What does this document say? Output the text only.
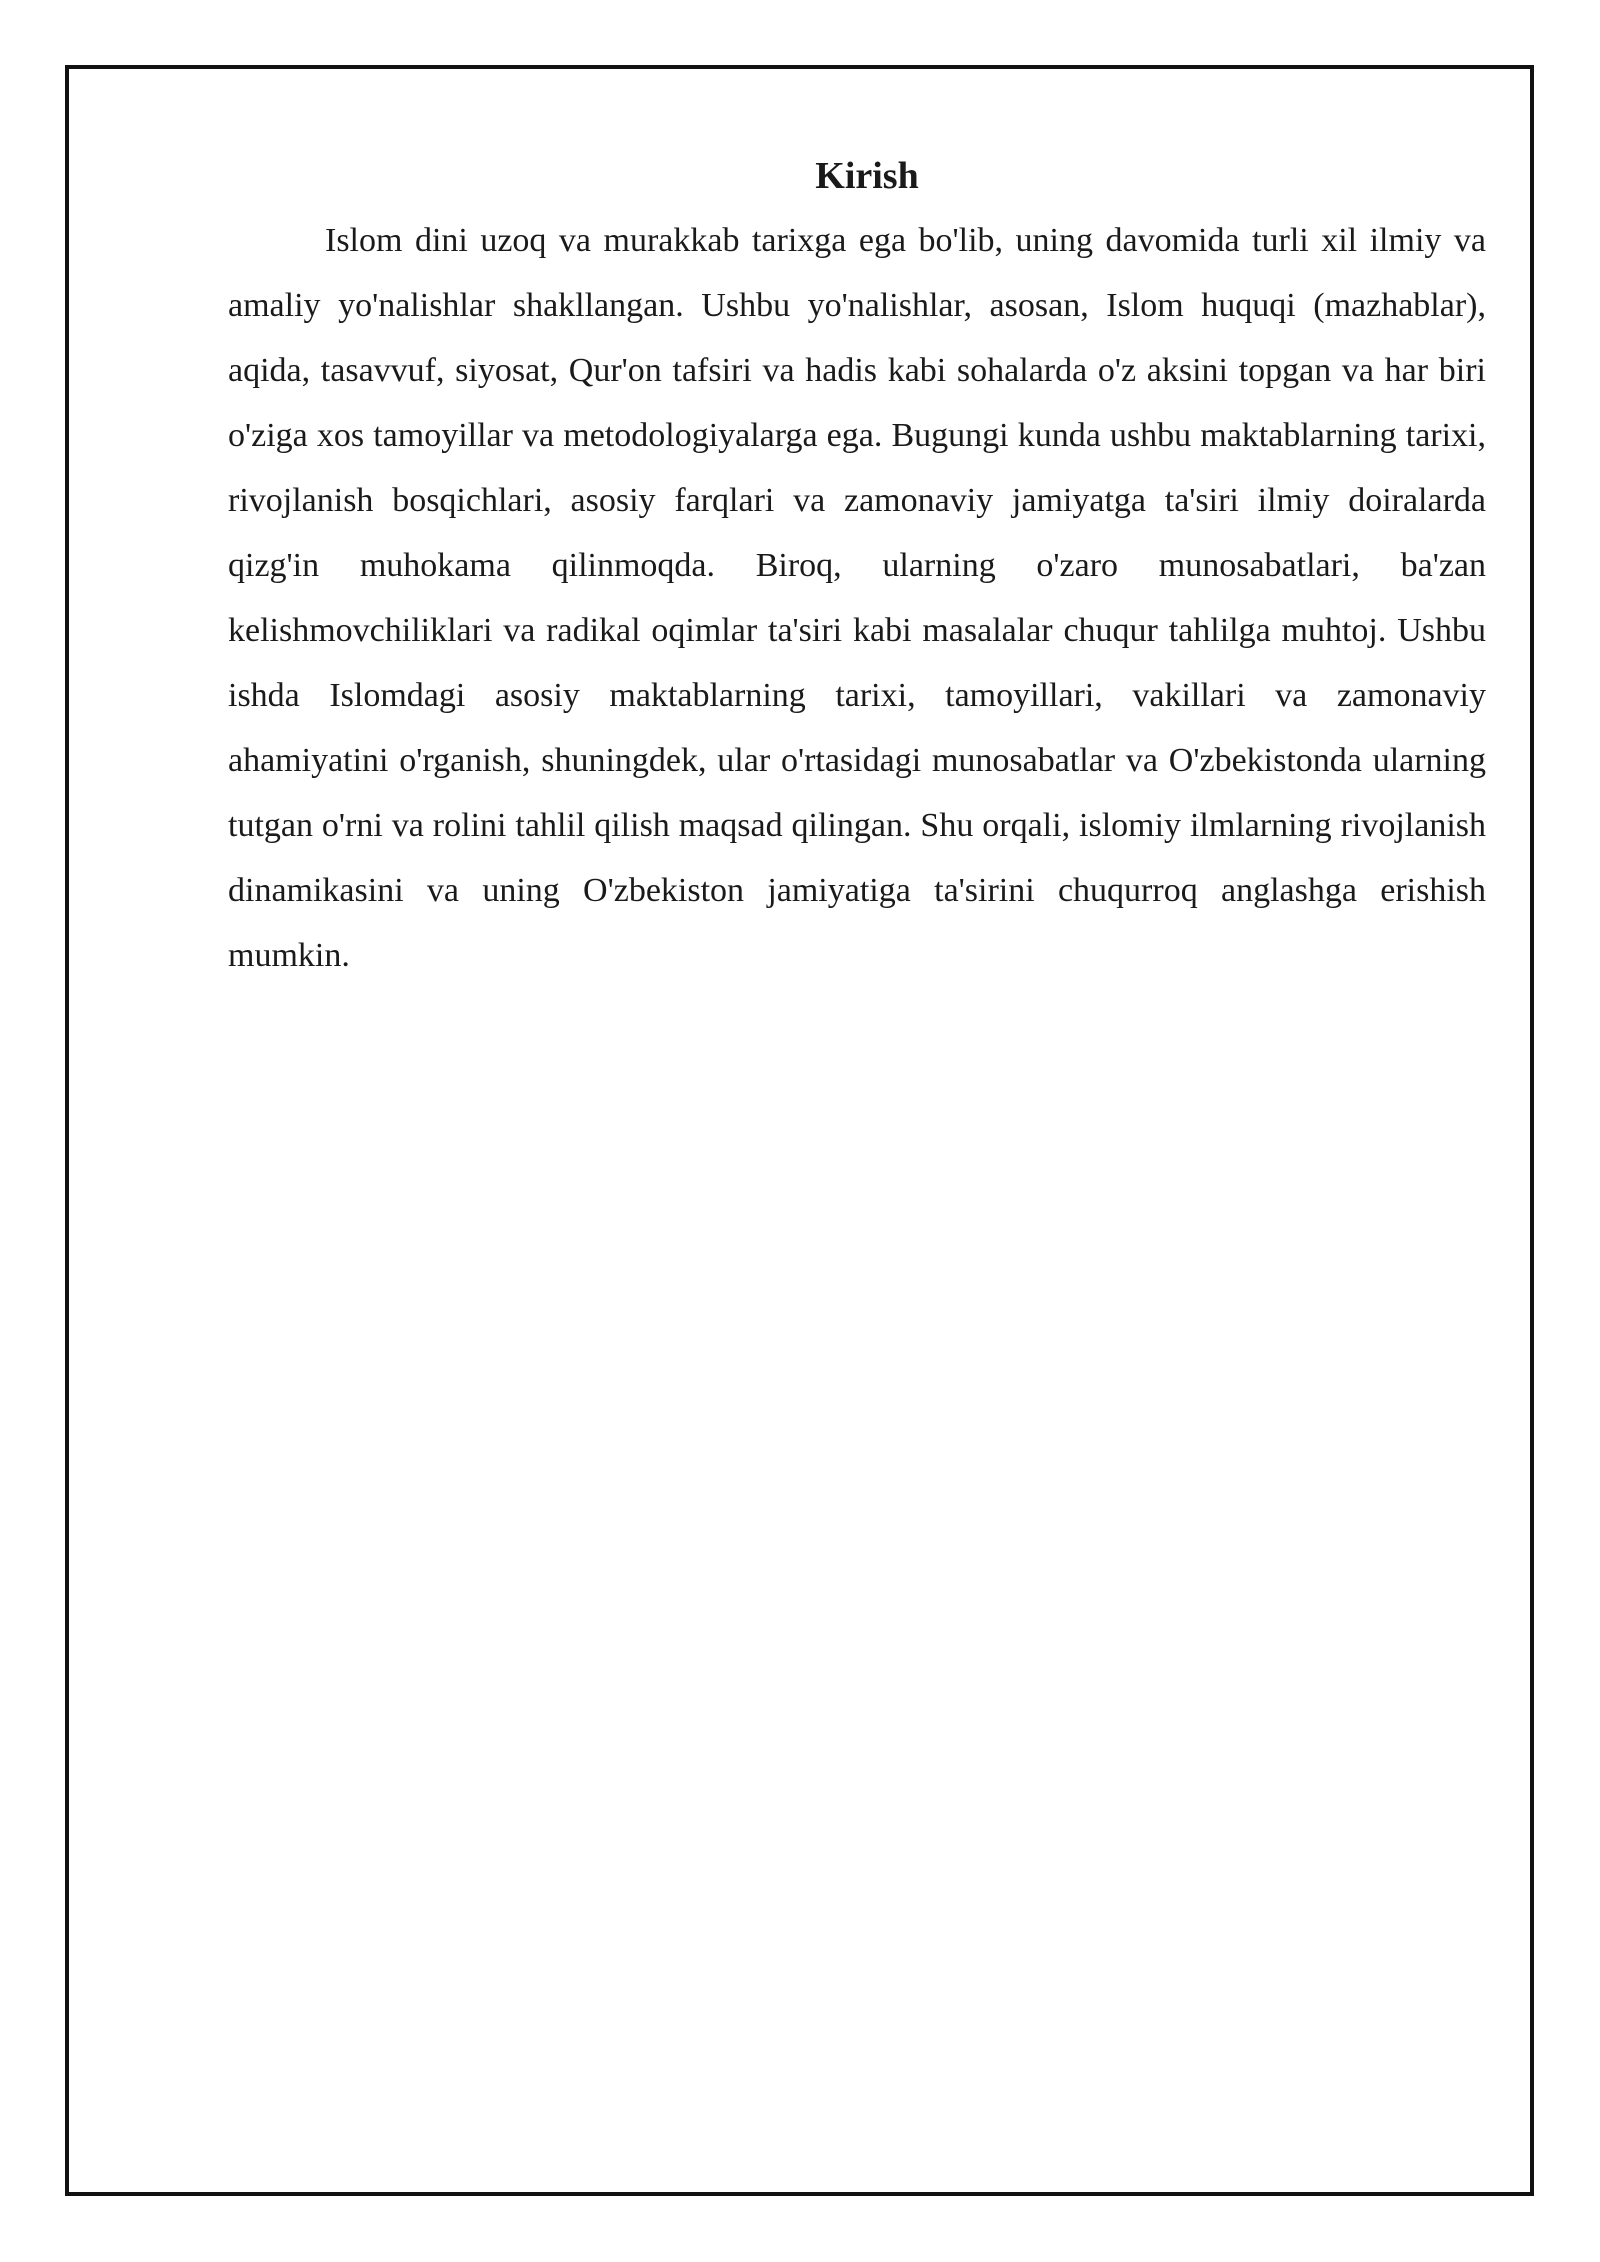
Kirish

Islom dini uzoq va murakkab tarixga ega bo'lib, uning davomida turli xil ilmiy va amaliy yo'nalishlar shakllangan. Ushbu yo'nalishlar, asosan, Islom huquqi (mazhablar), aqida, tasavvuf, siyosat, Qur'on tafsiri va hadis kabi sohalarda o'z aksini topgan va har biri o'ziga xos tamoyillar va metodologiyalarga ega. Bugungi kunda ushbu maktablarning tarixi, rivojlanish bosqichlari, asosiy farqlari va zamonaviy jamiyatga ta'siri ilmiy doiralarda qizg'in muhokama qilinmoqda. Biroq, ularning o'zaro munosabatlari, ba'zan kelishmovchiliklari va radikal oqimlar ta'siri kabi masalalar chuqur tahlilga muhtoj. Ushbu ishda Islomdagi asosiy maktablarning tarixi, tamoyillari, vakillari va zamonaviy ahamiyatini o'rganish, shuningdek, ular o'rtasidagi munosabatlar va O'zbekistonda ularning tutgan o'rni va rolini tahlil qilish maqsad qilingan. Shu orqali, islomiy ilmlarning rivojlanish dinamikasini va uning O'zbekiston jamiyatiga ta'sirini chuqurroq anglashga erishish mumkin.
